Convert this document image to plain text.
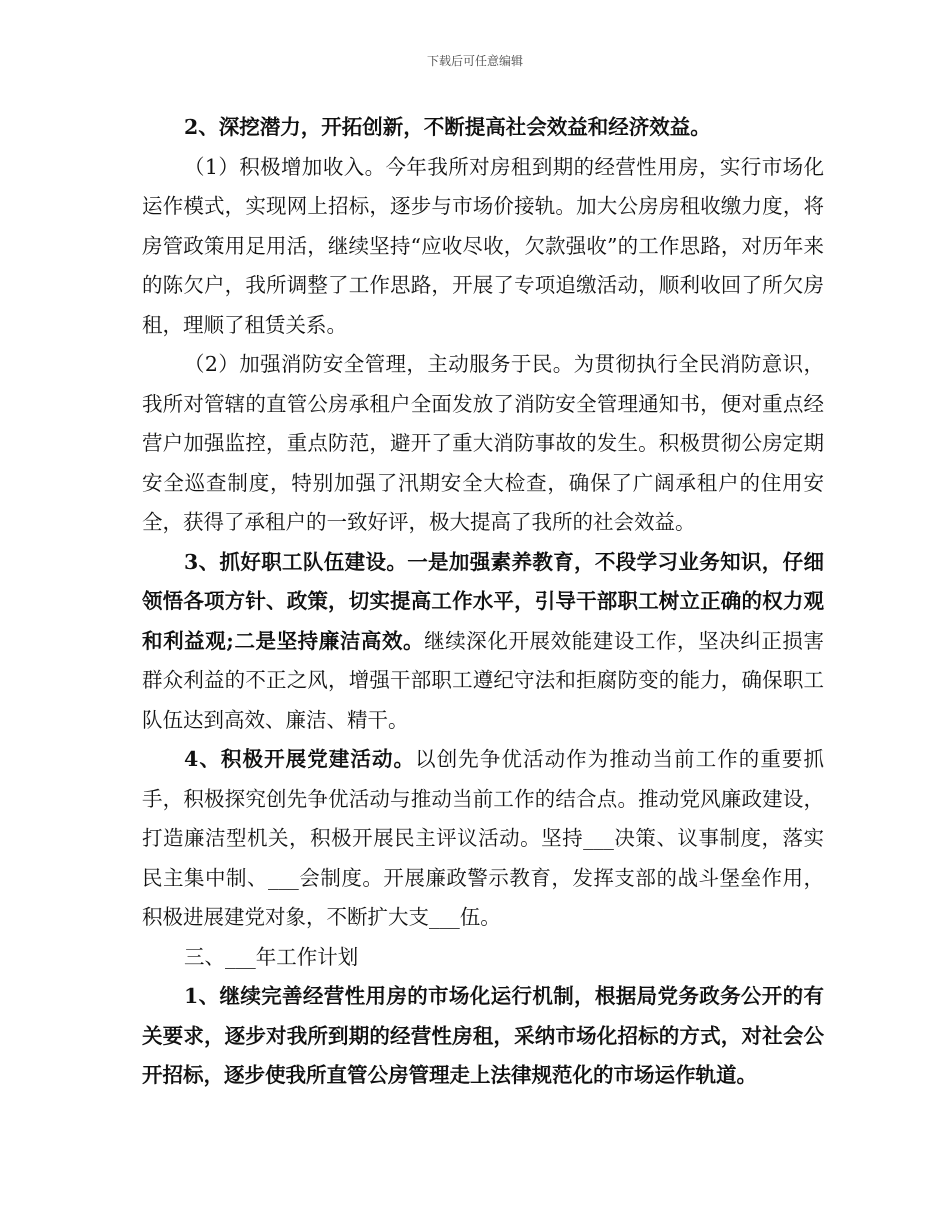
下载后可任意编辑

2、深挖潜力，开拓创新，不断提高社会效益和经济效益。

（1）积极增加收入。今年我所对房租到期的经营性用房，实行市场化运作模式，实现网上招标，逐步与市场价接轨。加大公房房租收缴力度，将房管政策用足用活，继续坚持“应收尽收，欠款强收”的工作思路，对历年来的陈欠户，我所调整了工作思路，开展了专项追缴活动，顺利收回了所欠房租，理顺了租赁关系。

（2）加强消防安全管理，主动服务于民。为贯彻执行全民消防意识，我所对管辖的直管公房承租户全面发放了消防安全管理通知书，便对重点经营户加强监控，重点防范，避开了重大消防事故的发生。积极贯彻公房定期安全巡查制度，特别加强了汛期安全大检查，确保了广阔承租户的住用安全，获得了承租户的一致好评，极大提高了我所的社会效益。

3、抓好职工队伍建设。一是加强素养教育，不段学习业务知识，仔细领悟各项方针、政策，切实提高工作水平，引导干部职工树立正确的权力观和利益观;二是坚持廉洁高效。继续深化开展效能建设工作，坚决纠正损害群众利益的不正之风，增强干部职工遵纪守法和拒腐防变的能力，确保职工队伍达到高效、廉洁、精干。

4、积极开展党建活动。以创先争优活动作为推动当前工作的重要抓手，积极探究创先争优活动与推动当前工作的结合点。推动党风廉政建设，打造廉洁型机关，积极开展民主评议活动。坚持___决策、议事制度，落实民主集中制、___会制度。开展廉政警示教育，发挥支部的战斗堡垒作用，积极进展建党对象，不断扩大支___伍。

三、___年工作计划

1、继续完善经营性用房的市场化运行机制，根据局党务政务公开的有关要求，逐步对我所到期的经营性房租，采纳市场化招标的方式，对社会公开招标，逐步使我所直管公房管理走上法律规范化的市场运作轨道。
